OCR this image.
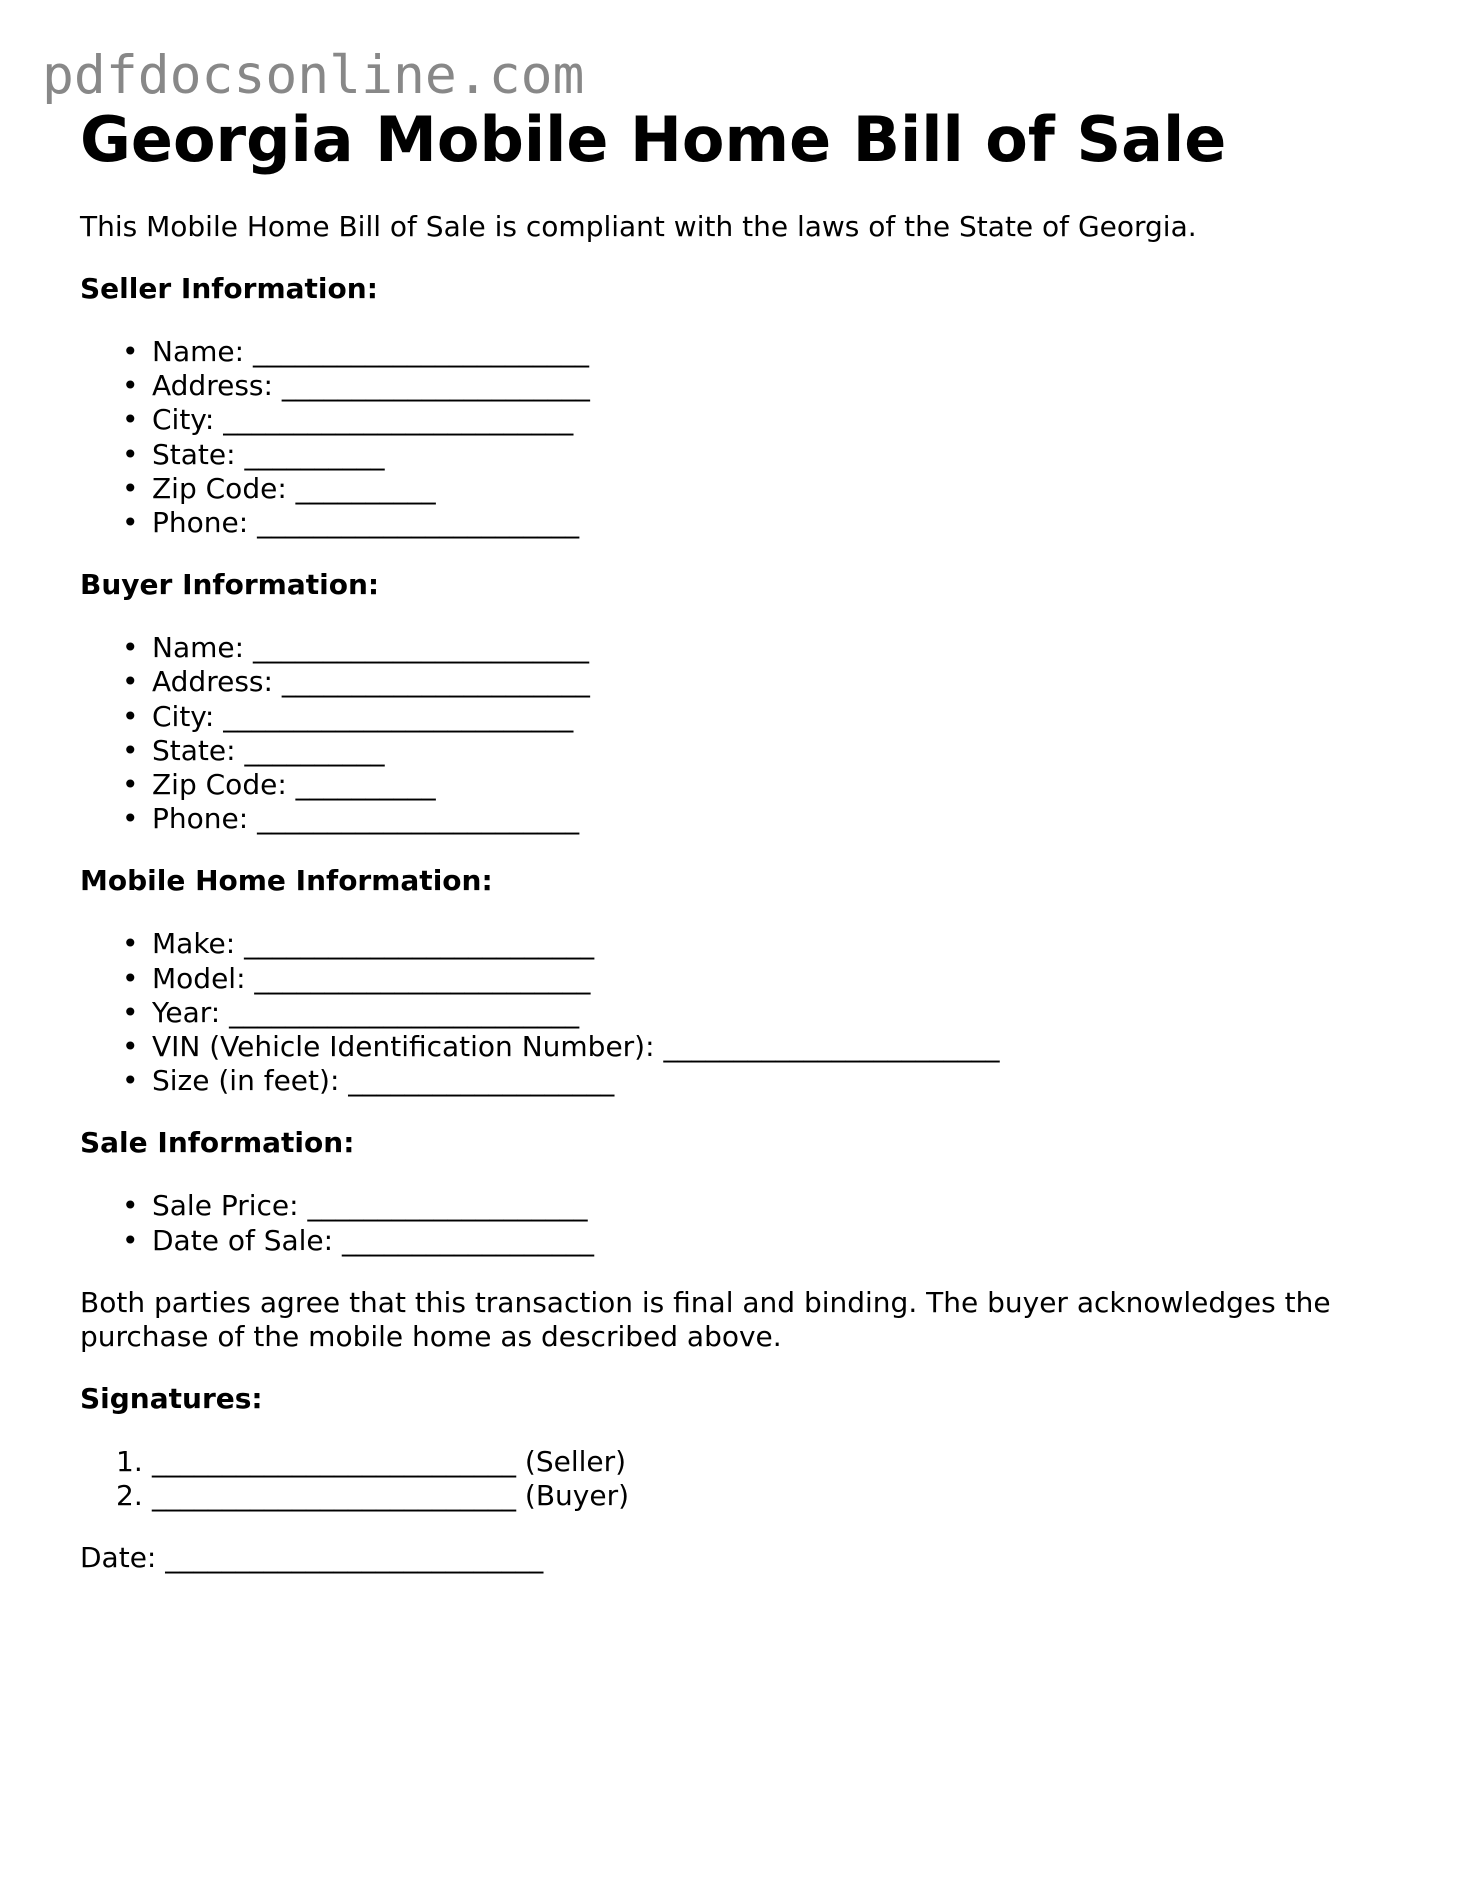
pdfdocsonline.com
Georgia Mobile Home Bill of Sale

This Mobile Home Bill of Sale is compliant with the laws of the State of Georgia.

Seller Information:
• Name: ________________________
• Address: ______________________
• City: _________________________
• State: __________
• Zip Code: __________
• Phone: _______________________
Buyer Information:
• Name: ________________________
• Address: ______________________
• City: _________________________
• State: __________
• Zip Code: __________
• Phone: _______________________
Mobile Home Information:
• Make: _________________________
• Model: ________________________
• Year: _________________________
• VIN (Vehicle Identification Number): ________________________
• Size (in feet): ___________________
Sale Information:
• Sale Price: ____________________
• Date of Sale: __________________

Both parties agree that this transaction is final and binding. The buyer acknowledges the purchase of the mobile home as described above.

Signatures:
1. __________________________ (Seller)
2. __________________________ (Buyer)

Date: ___________________________
